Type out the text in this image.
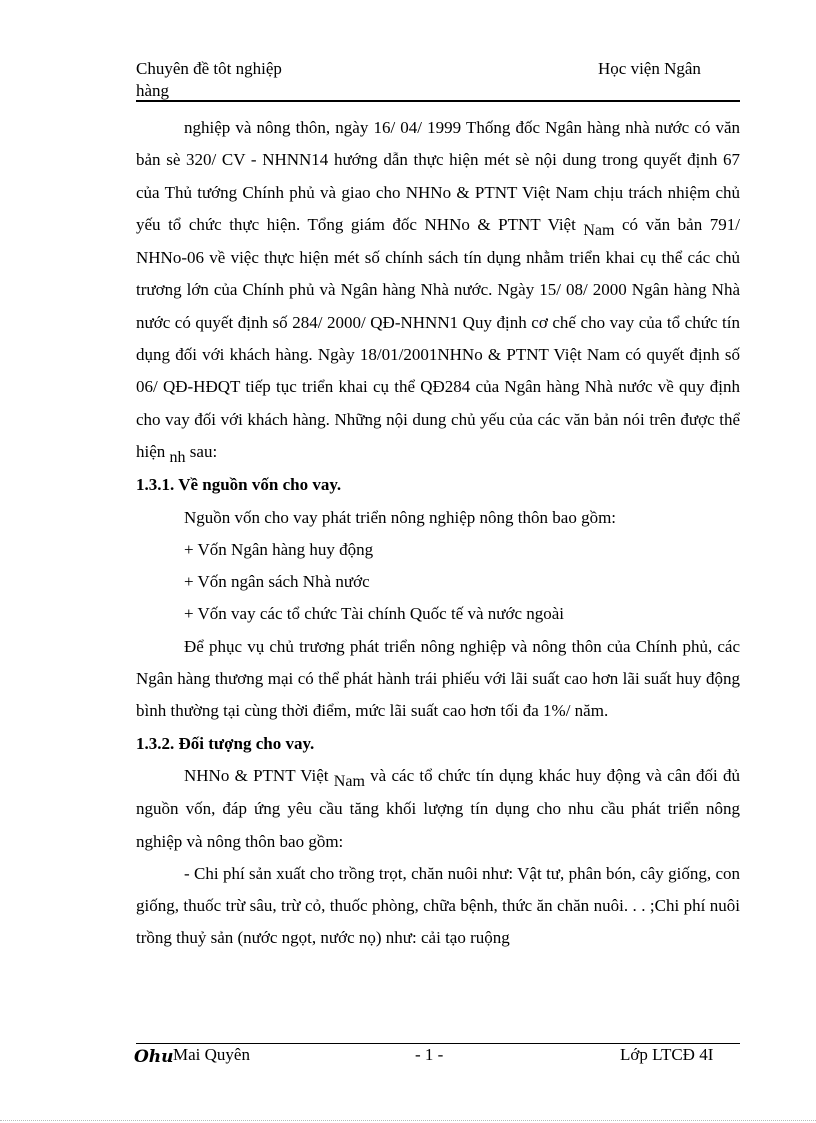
Chuyên đề tôt nghiệp
hàng
Học viện Ngân

nghiệp và nông thôn, ngày 16/ 04/ 1999 Thống đốc Ngân hàng nhà nước có văn bản sè 320/ CV - NHNN14 hướng dẫn thực hiện mét sè nội dung trong quyết định 67 của Thủ tướng Chính phủ và giao cho NHNo & PTNT Việt Nam chịu trách nhiệm chủ yếu tổ chức thực hiện. Tổng giám đốc NHNo & PTNT Việt Nam có văn bản 791/ NHNo-06 về việc thực hiện mét số chính sách tín dụng nhằm triển khai cụ thể các chủ trương lớn của Chính phủ và Ngân hàng Nhà nước. Ngày 15/ 08/ 2000 Ngân hàng Nhà nước có quyết định số 284/ 2000/ QĐ-NHNN1 Quy định cơ chế cho vay của tổ chức tín dụng đối với khách hàng. Ngày 18/01/2001NHNo & PTNT Việt Nam có quyết định số 06/ QĐ-HĐQT tiếp tục triển khai cụ thể QĐ284 của Ngân hàng Nhà nước về quy định cho vay đối với khách hàng. Những nội dung chủ yếu của các văn bản nói trên được thể hiện nh sau:

1.3.1. Về nguồn vốn cho vay.

Nguồn vốn cho vay phát triển nông nghiệp nông thôn bao gồm:

+ Vốn Ngân hàng huy động

+ Vốn ngân sách Nhà nước

+ Vốn vay các tổ chức Tài chính Quốc tế và nước ngoài

Để phục vụ chủ trương phát triển nông nghiệp và nông thôn của Chính phủ, các Ngân hàng thương mại có thể phát hành trái phiếu với lãi suất cao hơn lãi suất huy động bình thường tại cùng thời điểm, mức lãi suất cao hơn tối đa 1%/ năm.

1.3.2. Đối tượng cho vay.

NHNo & PTNT Việt Nam và các tổ chức tín dụng khác huy động và cân đối đủ nguồn vốn, đáp ứng yêu cầu tăng khối lượng tín dụng cho nhu cầu phát triển nông nghiệp và nông thôn bao gồm:

- Chi phí sản xuất cho trồng trọt, chăn nuôi như: Vật tư, phân bón, cây giống, con giống, thuốc trừ sâu, trừ cỏ, thuốc phòng, chữa bệnh, thức ăn chăn nuôi. . . ;Chi phí nuôi trồng thuỷ sản (nước ngọt, nước nọ) như: cải tạo ruộng

Ohu Mai Quyên	- 1 -	Lớp LTCĐ 4I
